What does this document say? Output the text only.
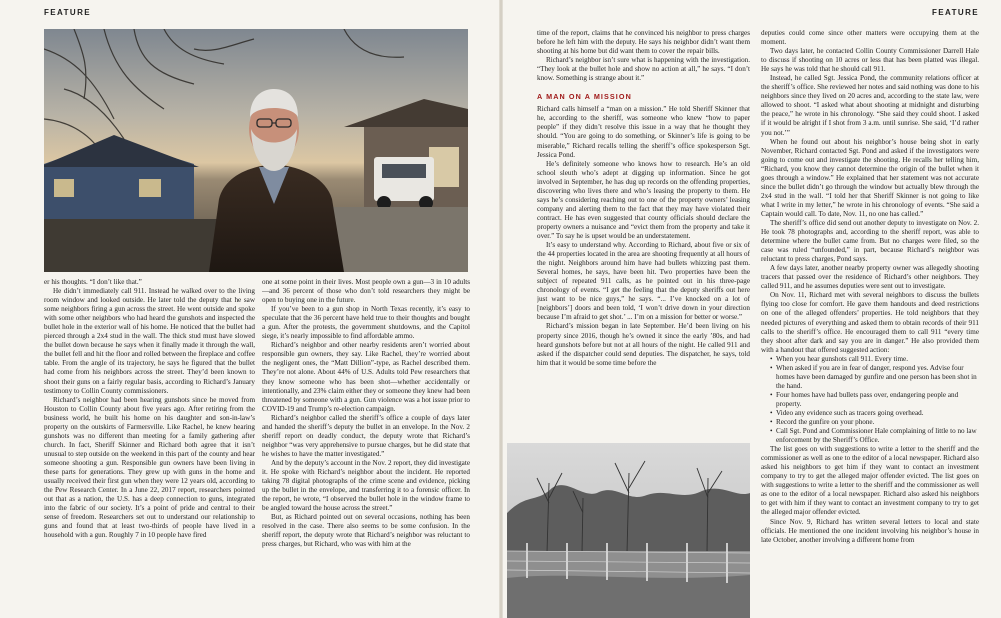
FEATURE	FEATURE

er his thoughts. “I don’t like that.”

He didn’t immediately call 911. Instead he walked over to the living room window and looked outside. He later told the deputy that he saw some neighbors firing a gun across the street. He went outside and spoke with some other neighbors who had heard the gunshots and inspected the bullet hole in the exterior wall of his home. He noticed that the bullet had pierced through a 2x4 stud in the wall. The thick stud must have slowed the bullet down because he says when it finally made it through the wall, the bullet fell and hit the floor and rolled between the fireplace and coffee table. From the angle of its trajectory, he says he figured that the bullet had come from his neighbors across the street. They’d been known to shoot their guns on a fairly regular basis, according to Richard’s January testimony to Collin County commissioners.

Richard’s neighbor had been hearing gunshots since he moved from Houston to Collin County about five years ago. After retiring from the business world, he built his home on his daughter and son-in-law’s property on the outskirts of Farmersville. Like Rachel, he knew hearing gunshots was no different than meeting for a family gathering after church. In fact, Sheriff Skinner and Richard both agree that it isn’t unusual to step outside on the weekend in this part of the county and hear someone shooting a gun. Responsible gun owners have been living in these parts for generations. They grew up with guns in the home and usually received their first gun when they were 12 years old, according to the Pew Research Center. In a June 22, 2017 report, researchers pointed out that as a nation, the U.S. has a deep connection to guns, integrated into the fabric of our society. It’s a point of pride and central to their sense of freedom. Researchers set out to understand our relationship to guns and found that at least two-thirds of people have lived in a household with a gun. Roughly 7 in 10 people have fired

one at some point in their lives. Most people own a gun—3 in 10 adults—and 36 percent of those who don’t told researchers they might be open to buying one in the future.

If you’ve been to a gun shop in North Texas recently, it’s easy to speculate that the 36 percent have held true to their thoughts and bought a gun. After the protests, the government shutdowns, and the Capitol siege, it’s nearly impossible to find affordable ammo.

Richard’s neighbor and other nearby residents aren’t worried about responsible gun owners, they say. Like Rachel, they’re worried about the negligent ones, the “Matt Dillion”-type, as Rachel described them. They’re not alone. About 44% of U.S. Adults told Pew researchers that they know someone who has been shot—whether accidentally or intentionally, and 23% claim either they or someone they knew had been threatened by someone with a gun. Gun violence was a hot issue prior to COVID-19 and Trump’s re-election campaign.

Richard’s neighbor called the sheriff’s office a couple of days later and handed the sheriff’s deputy the bullet in an envelope. In the Nov. 2 sheriff report on deadly conduct, the deputy wrote that Richard’s neighbor “was very apprehensive to pursue charges, but he did state that he wishes to have the matter investigated.”

And by the deputy’s account in the Nov. 2 report, they did investigate it. He spoke with Richard’s neighbor about the incident. He reported taking 78 digital photographs of the crime scene and evidence, picking up the bullet in the envelope, and transferring it to a forensic officer. In the report, he wrote, “I observed the bullet hole in the window frame to be angled toward the house across the street.”

But, as Richard pointed out on several occasions, nothing has been resolved in the case. There also seems to be some confusion. In the sheriff report, the deputy wrote that Richard’s neighbor was reluctant to press charges, but Richard, who was with him at the

time of the report, claims that he convinced his neighbor to press charges before he left him with the deputy. He says his neighbor didn’t want them shooting at his home but did want them to cover the repair bills.

Richard’s neighbor isn’t sure what is happening with the investigation. “They look at the bullet hole and show no action at all,” he says. “I don’t know. Something is strange about it.”

A MAN ON A MISSION

Richard calls himself a “man on a mission.” He told Sheriff Skinner that he, according to the sheriff, was someone who knew “how to paper people” if they didn’t resolve this issue in a way that he thought they should. “You are going to do something, or Skinner’s life is going to be miserable,” Richard recalls telling the sheriff’s office spokesperson Sgt. Jessica Pond.

He’s definitely someone who knows how to research. He’s an old school sleuth who’s adept at digging up information. Since he got involved in September, he has dug up records on the offending properties, discovering who lives there and who’s leasing the property to them. He says he’s considering reaching out to one of the property owners’ leasing company and alerting them to the fact that they may have violated their contract. He has even suggested that county officials should declare the property owners a nuisance and “evict them from the property and take it over.” To say he is upset would be an understatement.

It’s easy to understand why. According to Richard, about five or six of the 44 properties located in the area are shooting frequently at all hours of the night. Neighbors around him have had bullets whizzing past them. Several homes, he says, have been hit. Two properties have been the subject of repeated 911 calls, as he pointed out in his three-page chronology of events. “I get the feeling that the deputy sheriffs out here just want to be nice guys,” he says. “... I’ve knocked on a lot of [neighbors’] doors and been told, ‘I won’t drive down in your direction because I’m afraid to get shot.’ ... I’m on a mission for better or worse.”

Richard’s mission began in late September. He’d been living on his property since 2016, though he’s owned it since the early ’80s, and had heard gunshots before but not at all hours of the night. He called 911 and asked if the dispatcher could send deputies. The dispatcher, he says, told him that it would be some time before the

deputies could come since other matters were occupying them at the moment.

Two days later, he contacted Collin County Commissioner Darrell Hale to discuss if shooting on 10 acres or less that has been platted was illegal. He says he was told that he should call 911.

Instead, he called Sgt. Jessica Pond, the community relations officer at the sheriff’s office. She reviewed her notes and said nothing was done to his neighbors since they lived on 20 acres and, according to the state law, were allowed to shoot. “I asked what about shooting at midnight and disturbing the peace,” he wrote in his chronology. “She said they could shoot. I asked if it would be alright if I shot from 3 a.m. until sunrise. She said, ‘I’d rather you not.’”

When he found out about his neighbor’s house being shot in early November, Richard contacted Sgt. Pond and asked if the investigators were going to come out and investigate the shooting. He recalls her telling him, “Richard, you know they cannot determine the origin of the bullet when it goes through a window.” He explained that her statement was not accurate since the bullet didn’t go through the window but actually blew through the 2x4 stud in the wall. “I told her that Sheriff Skinner is not going to like what I write in my letter,” he wrote in his chronology of events. “She said a Captain would call. To date, Nov. 11, no one has called.”

The sheriff’s office did send out another deputy to investigate on Nov. 2. He took 78 photographs and, according to the sheriff report, was able to determine where the bullet came from. But no charges were filed, so the case was ruled “unfounded,” in part, because Richard’s neighbor was reluctant to press charges, Pond says.

A few days later, another nearby property owner was allegedly shooting tracers that passed over the residence of Richard’s other neighbors. They called 911, and he assumes deputies were sent out to investigate.

On Nov. 11, Richard met with several neighbors to discuss the bullets flying too close for comfort. He gave them handouts and deed restrictions on one of the alleged offenders’ properties. He told neighbors that they needed pictures of everything and asked them to obtain records of their 911 calls to the sheriff’s office. He encouraged them to call 911 “every time they shoot after dark and say you are in danger.” He also provided them with a handout that offered suggested action:

• When you hear gunshots call 911. Every time.
• When asked if you are in fear of danger, respond yes. Advise four homes have been damaged by gunfire and one person has been shot in the hand.
• Four homes have had bullets pass over, endangering people and property.
• Video any evidence such as tracers going overhead.
• Record the gunfire on your phone.
• Call Sgt. Pond and Commissioner Hale complaining of little to no law enforcement by the Sheriff’s Office.

The list goes on with suggestions to write a letter to the sheriff and the commissioner as well as one to the editor of a local newspaper. Richard also asked his neighbors to get him if they want to contact an investment company to try to get the alleged major offender evicted. The list goes on with suggestions to write a letter to the sheriff and the commissioner as well as one to the editor of a local newspaper. Richard also asked his neighbors to get with him if they want to contact an investment company to try to get the alleged major offender evicted.

Since Nov. 9, Richard has written several letters to local and state officials. He mentioned the one incident involving his neighbor’s house in late October, another involving a different home from
